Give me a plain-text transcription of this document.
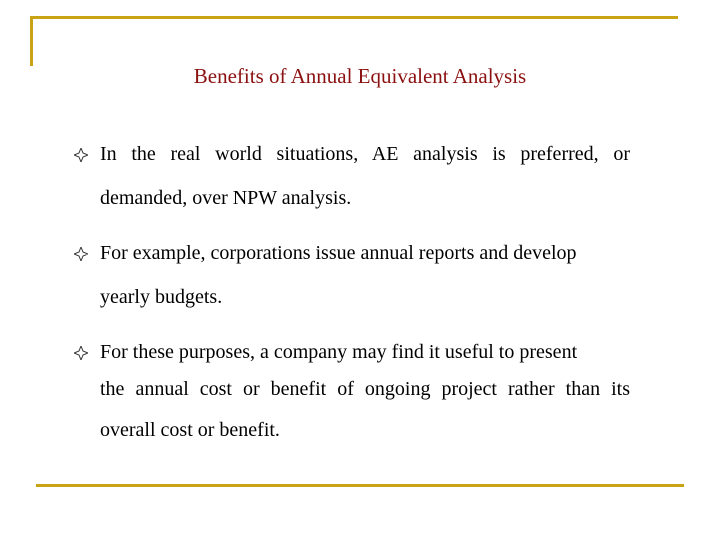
Benefits of Annual Equivalent Analysis
In the real world situations, AE analysis is preferred, or
demanded, over NPW analysis.
For example, corporations issue annual reports and develop
yearly budgets.
For these purposes, a company may find it useful to present
the annual cost or benefit of ongoing project rather than its
overall cost or benefit.
